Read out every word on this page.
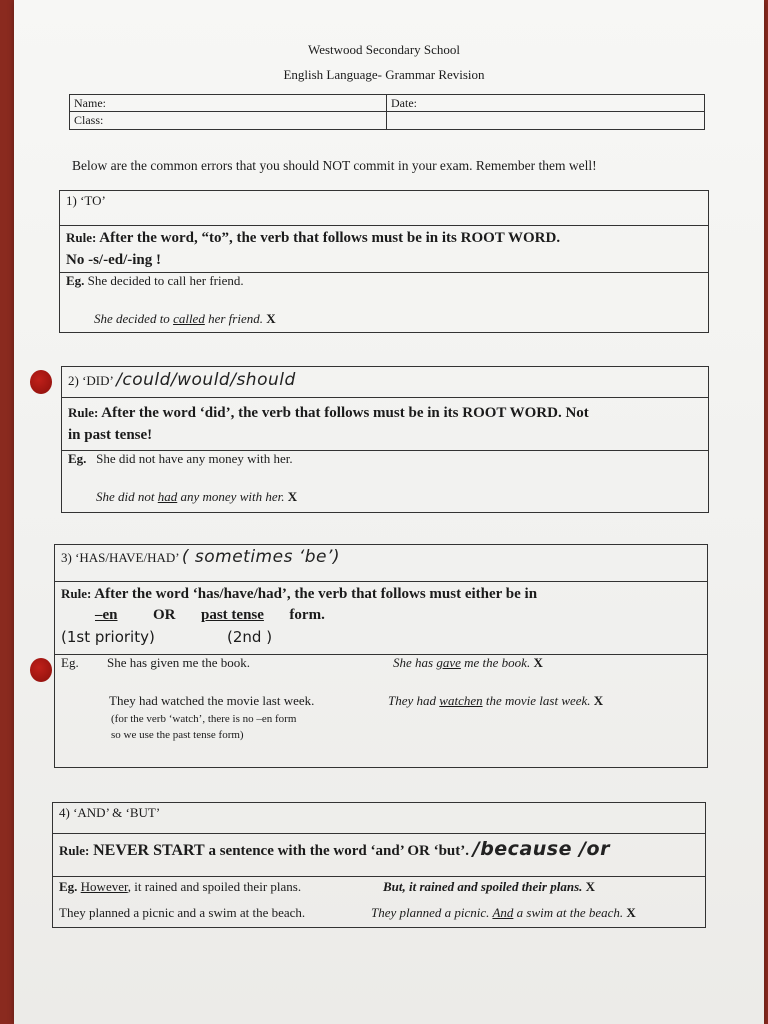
Westwood Secondary School
English Language- Grammar Revision
Name:
Class:
Date:
Below are the common errors that you should NOT commit in your exam. Remember them well!
1) ‘TO’
Rule: After the word, “to”, the verb that follows must be in its ROOT WORD.
No -s/-ed/-ing !
Eg. She decided to call her friend.
She decided to called her friend. X
2) ‘DID’ /could/would/should
Rule: After the word ‘did’, the verb that follows must be in its ROOT WORD. Not
in past tense!
Eg. She did not have any money with her.
She did not had any money with her. X
3) ‘HAS/HAVE/HAD’ ( sometimes ‘be’)
Rule: After the word ‘has/have/had’, the verb that follows must either be in
–en OR past tense form.
(1st priority)	(2nd )
Eg. She has given me the book.	She has gave me the book. X
They had watched the movie last week.	They had watchen the movie last week. X
(for the verb ‘watch’, there is no –en form
so we use the past tense form)
4) ‘AND’ & ‘BUT’
Rule: NEVER START a sentence with the word ‘and’ OR ‘but’. /because /or
Eg. However, it rained and spoiled their plans.	But, it rained and spoiled their plans. X
They planned a picnic and a swim at the beach.	They planned a picnic. And a swim at the beach. X
